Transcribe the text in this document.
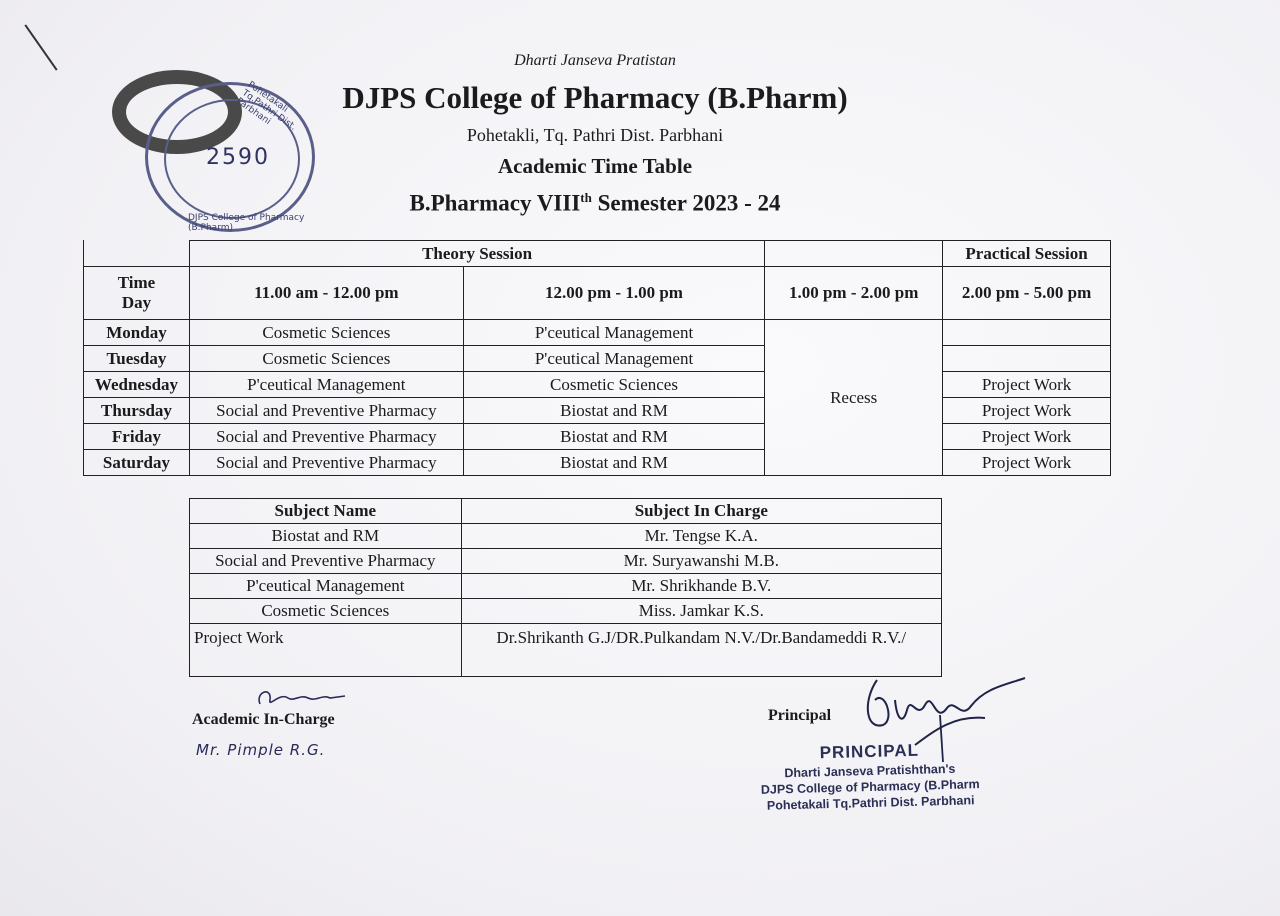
Dharti Janseva Pratistan
DJPS College of Pharmacy (B.Pharm)
Pohetakli, Tq. Pathri Dist. Parbhani
Academic Time Table
B.Pharmacy VIIIth Semester 2023 - 24
2590
Pohetakali Tq.Pathri Dist. Parbhani
DJPS College of Pharmacy (B.Pharm)
	Theory Session			Practical Session

Time
Day	11.00 am - 12.00 pm	12.00 pm - 1.00 pm	1.00 pm - 2.00 pm	2.00 pm - 5.00 pm
Monday	Cosmetic Sciences	P'ceutical Management	Recess	
Tuesday	Cosmetic Sciences	P'ceutical Management		
Wednesday	P'ceutical Management	Cosmetic Sciences		Project Work
Thursday	Social and Preventive Pharmacy	Biostat and RM		Project Work
Friday	Social and Preventive Pharmacy	Biostat and RM		Project Work
Saturday	Social and Preventive Pharmacy	Biostat and RM		Project Work
Subject Name	Subject In Charge
Biostat and RM	Mr. Tengse K.A.
Social and Preventive Pharmacy	Mr. Suryawanshi M.B.
P'ceutical Management	Mr. Shrikhande B.V.
Cosmetic Sciences	Miss. Jamkar K.S.
Project Work	Dr.Shrikanth G.J/DR.Pulkandam N.V./Dr.Bandameddi R.V./
Academic In-Charge
Mr. Pimple R.G.
Principal
PRINCIPAL
Dharti Janseva Pratishthan's
DJPS College of Pharmacy (B.Pharm
Pohetakali Tq.Pathri Dist. Parbhani
